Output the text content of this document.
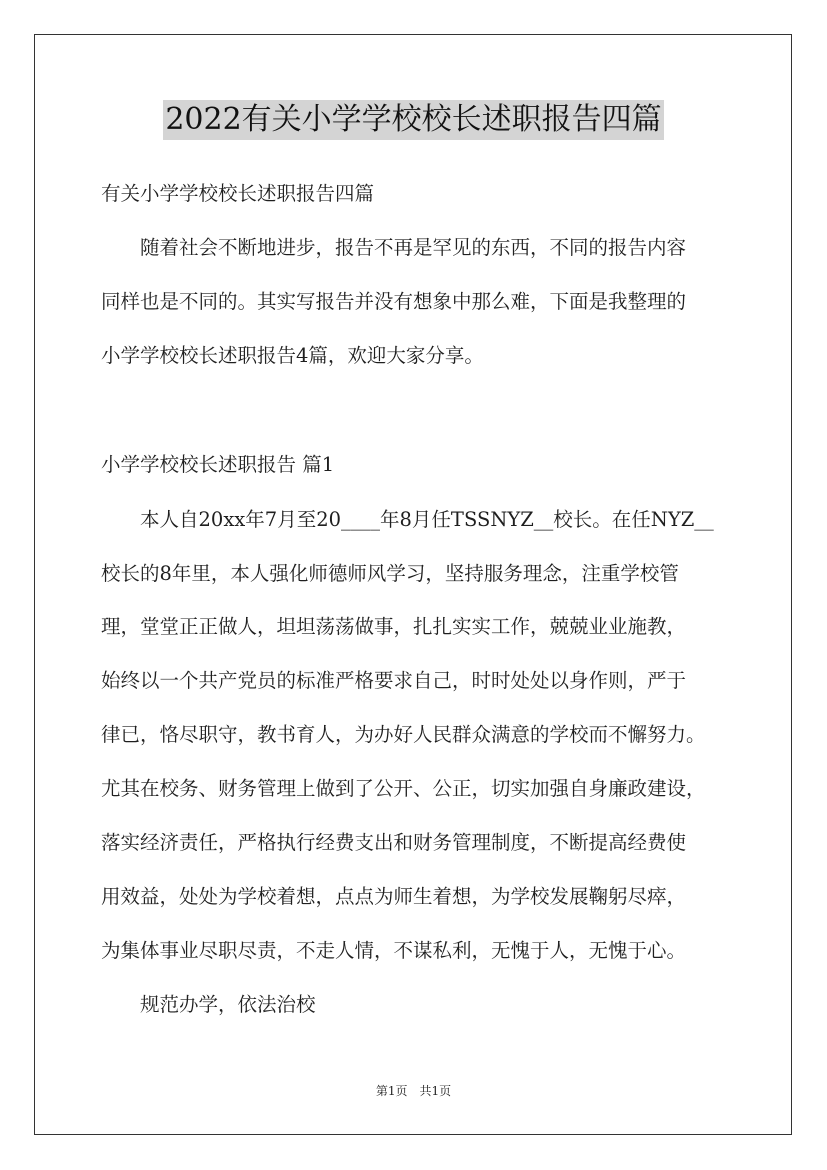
2022有关小学学校校长述职报告四篇
有关小学学校校长述职报告四篇
随着社会不断地进步，报告不再是罕见的东西，不同的报告内容
同样也是不同的。其实写报告并没有想象中那么难，下面是我整理的
小学学校校长述职报告4篇，欢迎大家分享。
小学学校校长述职报告 篇1
本人自20xx年7月至20____年8月任TSSNYZ__校长。在任NYZ__
校长的8年里，本人强化师德师风学习，坚持服务理念，注重学校管
理，堂堂正正做人，坦坦荡荡做事，扎扎实实工作，兢兢业业施教，
始终以一个共产党员的标准严格要求自己，时时处处以身作则，严于
律已，恪尽职守，教书育人，为办好人民群众满意的学校而不懈努力。
尤其在校务、财务管理上做到了公开、公正，切实加强自身廉政建设，
落实经济责任，严格执行经费支出和财务管理制度，不断提高经费使
用效益，处处为学校着想，点点为师生着想，为学校发展鞠躬尽瘁，
为集体事业尽职尽责，不走人情，不谋私利，无愧于人，无愧于心。
规范办学，依法治校
第1页　共1页
